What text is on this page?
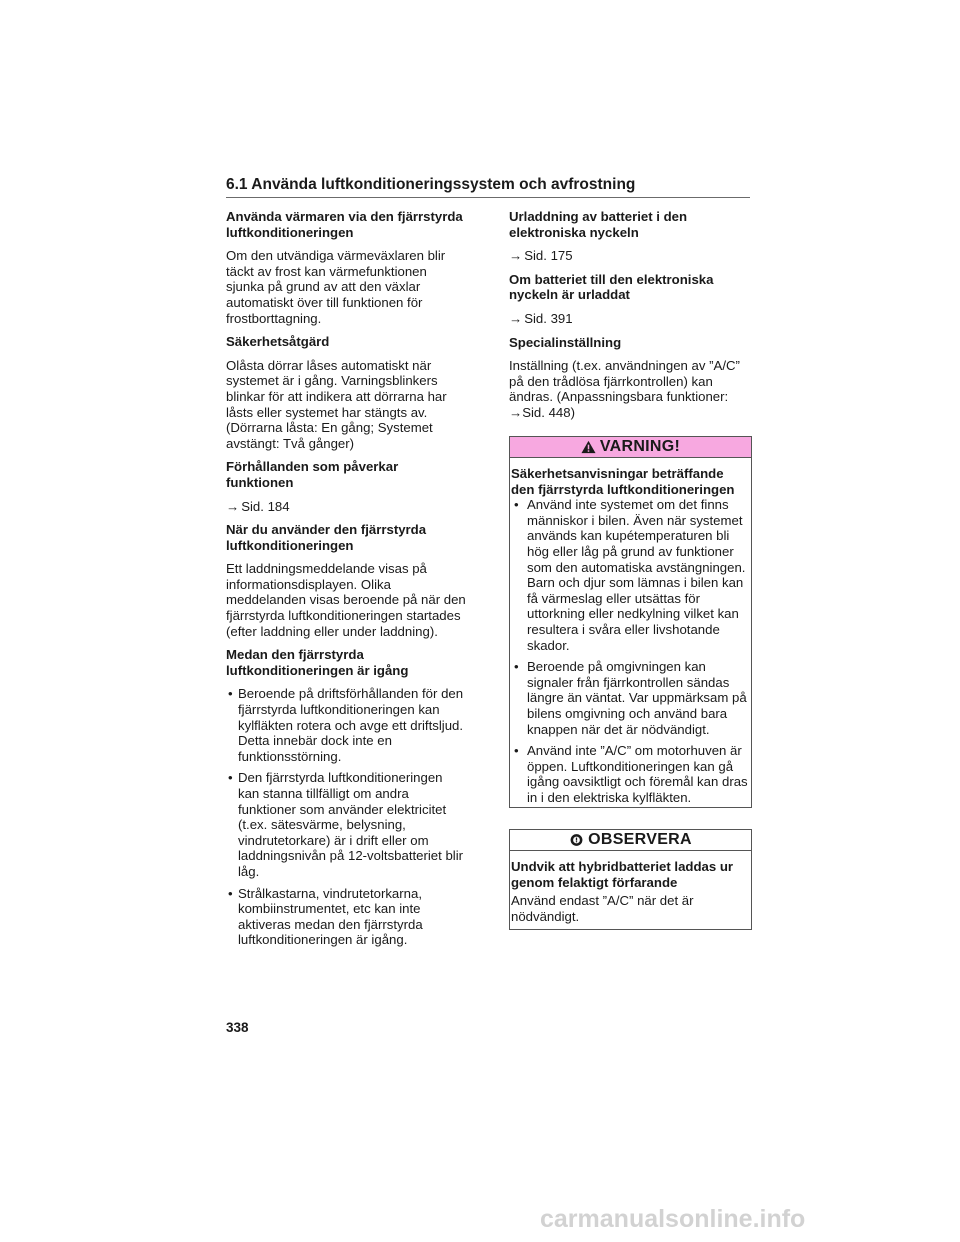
6.1 Använda luftkonditioneringssystem och avfrostning
Använda värmaren via den fjärrstyrda luftkonditioneringen
Om den utvändiga värmeväxlaren blir täckt av frost kan värmefunktionen sjunka på grund av att den växlar automatiskt över till funktionen för frostborttagning.
Säkerhetsåtgärd
Olåsta dörrar låses automatiskt när systemet är i gång. Varningsblinkers blinkar för att indikera att dörrarna har låsts eller systemet har stängts av. (Dörrarna låsta: En gång; Systemet avstängt: Två gånger)
Förhållanden som påverkar funktionen
→ Sid. 184
När du använder den fjärrstyrda luftkonditioneringen
Ett laddningsmeddelande visas på informationsdisplayen. Olika meddelanden visas beroende på när den fjärrstyrda luftkonditioneringen startades (efter laddning eller under laddning).
Medan den fjärrstyrda luftkonditioneringen är igång
• Beroende på driftsförhållanden för den fjärrstyrda luftkonditioneringen kan kylfläkten rotera och avge ett driftsljud. Detta innebär dock inte en funktionsstörning.
• Den fjärrstyrda luftkonditioneringen kan stanna tillfälligt om andra funktioner som använder elektricitet (t.ex. sätesvärme, belysning, vindrutetorkare) är i drift eller om laddningsnivån på 12-voltsbatteriet blir låg.
• Strålkastarna, vindrutetorkarna, kombiinstrumentet, etc kan inte aktiveras medan den fjärrstyrda luftkonditioneringen är igång.
Urladdning av batteriet i den elektroniska nyckeln
→ Sid. 175
Om batteriet till den elektroniska nyckeln är urladdat
→ Sid. 391
Specialinställning
Inställning (t.ex. användningen av ”A/C” på den trådlösa fjärrkontrollen) kan ändras. (Anpassningsbara funktioner:
→Sid. 448)
VARNING!
Säkerhetsanvisningar beträffande den fjärrstyrda luftkonditioneringen
• Använd inte systemet om det finns människor i bilen. Även när systemet används kan kupétemperaturen bli hög eller låg på grund av funktioner som den automatiska avstängningen. Barn och djur som lämnas i bilen kan få värmeslag eller utsättas för uttorkning eller nedkylning vilket kan resultera i svåra eller livshotande skador.
• Beroende på omgivningen kan signaler från fjärrkontrollen sändas längre än väntat. Var uppmärksam på bilens omgivning och använd bara knappen när det är nödvändigt.
• Använd inte ”A/C” om motorhuven är öppen. Luftkonditioneringen kan gå igång oavsiktligt och föremål kan dras in i den elektriska kylfläkten.
OBSERVERA
Undvik att hybridbatteriet laddas ur genom felaktigt förfarande
Använd endast ”A/C” när det är nödvändigt.
338
carmanualsonline.info
